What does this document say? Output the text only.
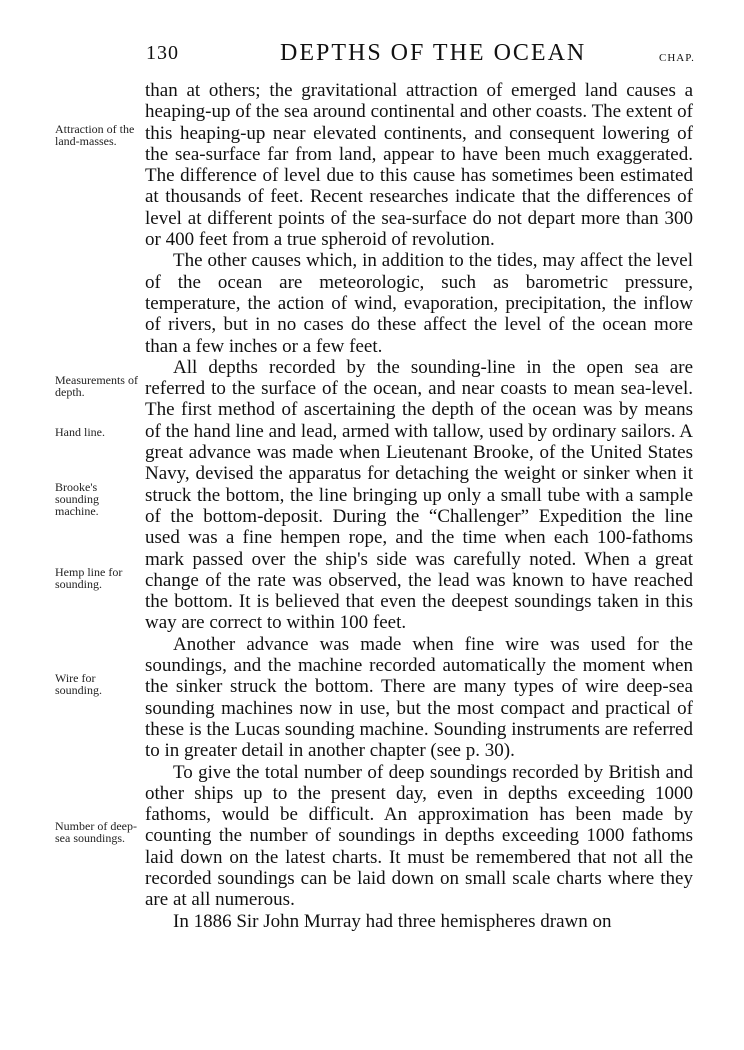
130	DEPTHS OF THE OCEAN	CHAP.
Attraction of the land-masses.
Measurements of depth.
Hand line.
Brooke's sounding machine.
Hemp line for sounding.
Wire for sounding.
Number of deep-sea soundings.

than at others; the gravitational attraction of emerged land causes a heaping-up of the sea around continental and other coasts. The extent of this heaping-up near elevated continents, and consequent lowering of the sea-surface far from land, appear to have been much exaggerated. The difference of level due to this cause has sometimes been estimated at thousands of feet. Recent researches indicate that the differences of level at different points of the sea-surface do not depart more than 300 or 400 feet from a true spheroid of revolution.

The other causes which, in addition to the tides, may affect the level of the ocean are meteorologic, such as barometric pressure, temperature, the action of wind, evaporation, precipitation, the inflow of rivers, but in no cases do these affect the level of the ocean more than a few inches or a few feet.

All depths recorded by the sounding-line in the open sea are referred to the surface of the ocean, and near coasts to mean sea-level. The first method of ascertaining the depth of the ocean was by means of the hand line and lead, armed with tallow, used by ordinary sailors. A great advance was made when Lieutenant Brooke, of the United States Navy, devised the apparatus for detaching the weight or sinker when it struck the bottom, the line bringing up only a small tube with a sample of the bottom-deposit. During the “Challenger” Expedition the line used was a fine hempen rope, and the time when each 100-fathoms mark passed over the ship's side was carefully noted. When a great change of the rate was observed, the lead was known to have reached the bottom. It is believed that even the deepest soundings taken in this way are correct to within 100 feet.

Another advance was made when fine wire was used for the soundings, and the machine recorded automatically the moment when the sinker struck the bottom. There are many types of wire deep-sea sounding machines now in use, but the most compact and practical of these is the Lucas sounding machine. Sounding instruments are referred to in greater detail in another chapter (see p. 30).

To give the total number of deep soundings recorded by British and other ships up to the present day, even in depths exceeding 1000 fathoms, would be difficult. An approximation has been made by counting the number of soundings in depths exceeding 1000 fathoms laid down on the latest charts. It must be remembered that not all the recorded soundings can be laid down on small scale charts where they are at all numerous.

In 1886 Sir John Murray had three hemispheres drawn on
